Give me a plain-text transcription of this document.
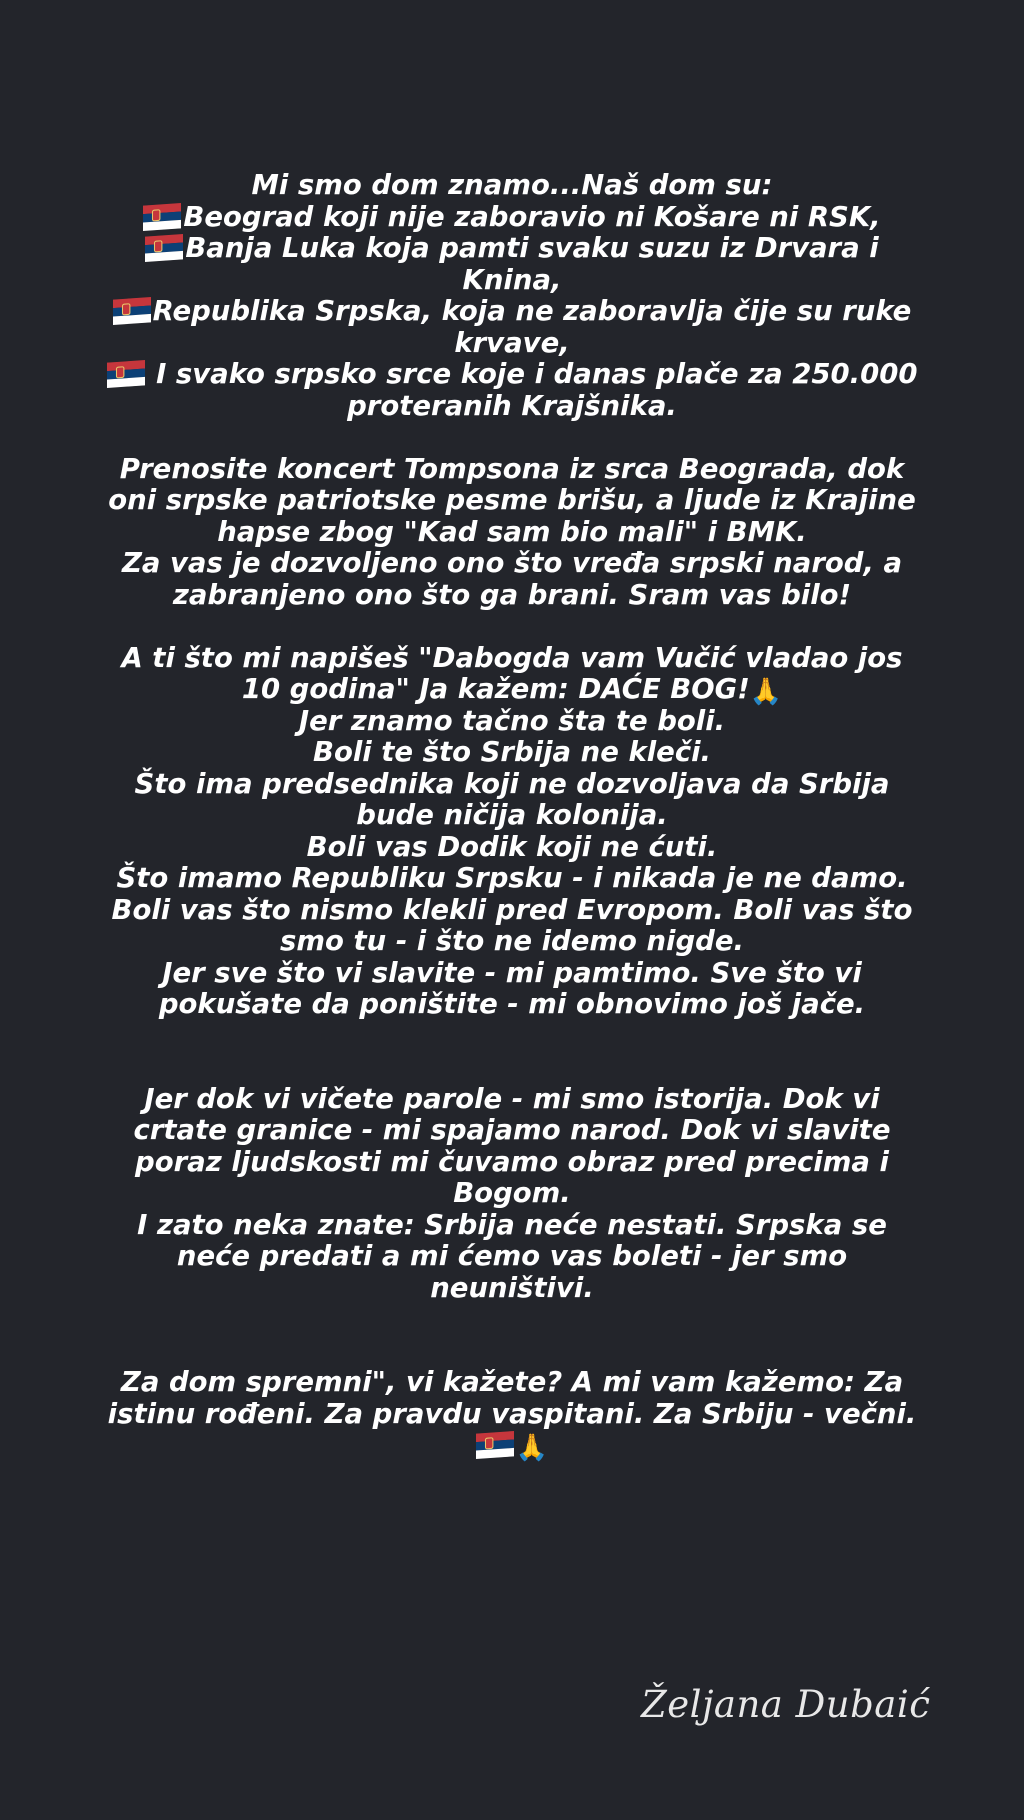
Mi smo dom znamo...Naš dom su:
Beograd koji nije zaboravio ni Košare ni RSK,
Banja Luka koja pamti svaku suzu iz Drvara i
Knina,
Republika Srpska, koja ne zaboravlja čije su ruke
krvave,
I svako srpsko srce koje i danas plače za 250.000
proteranih Krajšnika.
Prenosite koncert Tompsona iz srca Beograda, dok
oni srpske patriotske pesme brišu, a ljude iz Krajine
hapse zbog "Kad sam bio mali" i BMK.
Za vas je dozvoljeno ono što vređa srpski narod, a
zabranjeno ono što ga brani. Sram vas bilo!
A ti što mi napišeš "Dabogda vam Vučić vladao jos
10 godina" Ja kažem: DAĆE BOG!🙏
Jer znamo tačno šta te boli.
Boli te što Srbija ne kleči.
Što ima predsednika koji ne dozvoljava da Srbija
bude ničija kolonija.
Boli vas Dodik koji ne ćuti.
Što imamo Republiku Srpsku - i nikada je ne damo.
Boli vas što nismo klekli pred Evropom. Boli vas što
smo tu - i što ne idemo nigde.
Jer sve što vi slavite - mi pamtimo. Sve što vi
pokušate da poništite - mi obnovimo još jače.
Jer dok vi vičete parole - mi smo istorija. Dok vi
crtate granice - mi spajamo narod. Dok vi slavite
poraz ljudskosti mi čuvamo obraz pred precima i
Bogom.
I zato neka znate: Srbija neće nestati. Srpska se
neće predati a mi ćemo vas boleti - jer smo
neuništivi.
Za dom spremni", vi kažete? A mi vam kažemo: Za
istinu rođeni. Za pravdu vaspitani. Za Srbiju - večni.
🙏
Željana Dubaić
